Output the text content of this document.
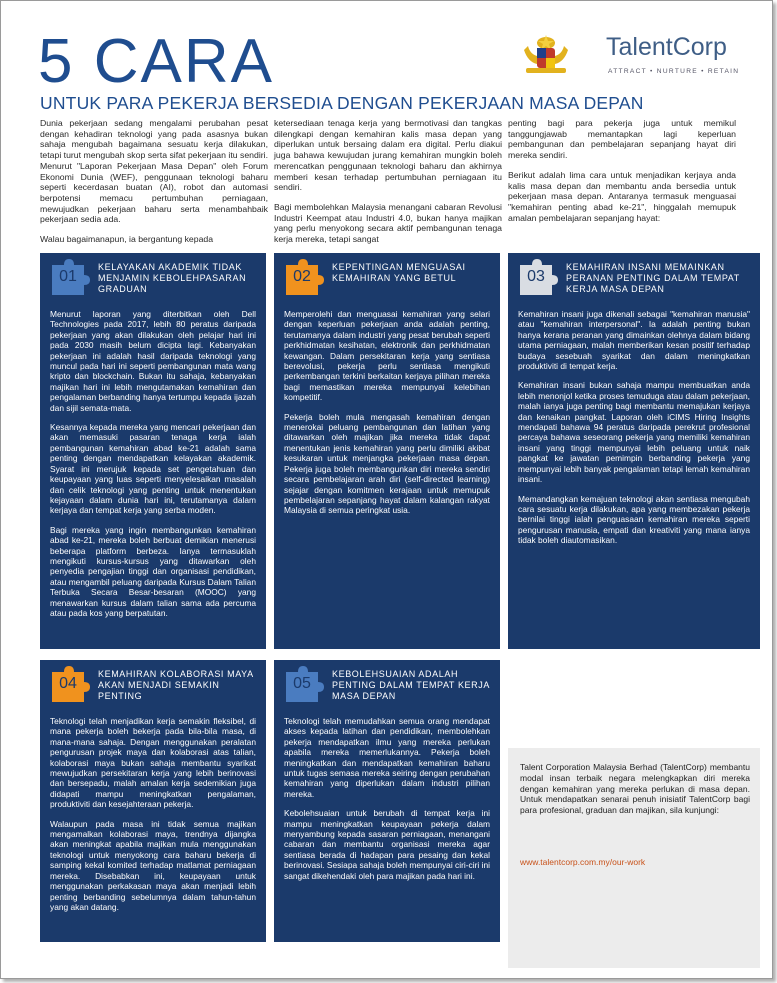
5 CARA
UNTUK PARA PEKERJA BERSEDIA DENGAN PEKERJAAN MASA DEPAN
TalentCorp
ATTRACT • NURTURE • RETAIN

Dunia pekerjaan sedang mengalami perubahan pesat dengan kehadiran teknologi yang pada asasnya bukan sahaja mengubah bagaimana sesuatu kerja dilakukan, tetapi turut mengubah skop serta sifat pekerjaan itu sendiri. Menurut "Laporan Pekerjaan Masa Depan" oleh Forum Ekonomi Dunia (WEF), penggunaan teknologi baharu seperti kecerdasan buatan (AI), robot dan automasi berpotensi memacu pertumbuhan perniagaan, mewujudkan pekerjaan baharu serta menambahbaik pekerjaan sedia ada.

Walau bagaimanapun, ia bergantung kepada

ketersediaan tenaga kerja yang bermotivasi dan tangkas dilengkapi dengan kemahiran kalis masa depan yang diperlukan untuk bersaing dalam era digital. Perlu diakui juga bahawa kewujudan jurang kemahiran mungkin boleh merencatkan penggunaan teknologi baharu dan akhirnya memberi kesan terhadap pertumbuhan perniagaan itu sendiri.

Bagi membolehkan Malaysia menangani cabaran Revolusi Industri Keempat atau Industri 4.0, bukan hanya majikan yang perlu menyokong secara aktif pembangunan tenaga kerja mereka, tetapi sangat

penting bagi para pekerja juga untuk memikul tanggungjawab memantapkan lagi keperluan pembangunan dan pembelajaran sepanjang hayat diri mereka sendiri.

Berikut adalah lima cara untuk menjadikan kerjaya anda kalis masa depan dan membantu anda bersedia untuk pekerjaan masa depan. Antaranya termasuk menguasai "kemahiran penting abad ke-21", hinggalah memupuk amalan pembelajaran sepanjang hayat:

01
KELAYAKAN AKADEMIK TIDAK MENJAMIN KEBOLEHPASARAN GRADUAN

Menurut laporan yang diterbitkan oleh Dell Technologies pada 2017, lebih 80 peratus daripada pekerjaan yang akan dilakukan oleh pelajar hari ini pada 2030 masih belum dicipta lagi. Kebanyakan pekerjaan ini adalah hasil daripada teknologi yang muncul pada hari ini seperti pembangunan mata wang kripto dan blockchain. Bukan itu sahaja, kebanyakan majikan hari ini lebih mengutamakan kemahiran dan pengalaman berbanding hanya tertumpu kepada ijazah dan sijil semata-mata.

Kesannya kepada mereka yang mencari pekerjaan dan akan memasuki pasaran tenaga kerja ialah pembangunan kemahiran abad ke-21 adalah sama penting dengan mendapatkan kelayakan akademik. Syarat ini merujuk kepada set pengetahuan dan keupayaan yang luas seperti menyelesaikan masalah dan celik teknologi yang penting untuk menentukan kejayaan dalam dunia hari ini, terutamanya dalam kerjaya dan tempat kerja yang serba moden.

Bagi mereka yang ingin membangunkan kemahiran abad ke-21, mereka boleh berbuat demikian menerusi beberapa platform berbeza. Ianya termasuklah mengikuti kursus-kursus yang ditawarkan oleh penyedia pengajian tinggi dan organisasi pendidikan, atau mengambil peluang daripada Kursus Dalam Talian Terbuka Secara Besar-besaran (MOOC) yang menawarkan kursus dalam talian sama ada percuma atau pada kos yang berpatutan.

02
KEPENTINGAN MENGUASAI KEMAHIRAN YANG BETUL

Memperolehi dan menguasai kemahiran yang selari dengan keperluan pekerjaan anda adalah penting, terutamanya dalam industri yang pesat berubah seperti perkhidmatan kesihatan, elektronik dan perkhidmatan kewangan. Dalam persekitaran kerja yang sentiasa berevolusi, pekerja perlu sentiasa mengikuti perkembangan terkini berkaitan kerjaya pilihan mereka bagi memastikan mereka mempunyai kelebihan kompetitif.

Pekerja boleh mula mengasah kemahiran dengan menerokai peluang pembangunan dan latihan yang ditawarkan oleh majikan jika mereka tidak dapat menentukan jenis kemahiran yang perlu dimiliki akibat kesukaran untuk menjangka pekerjaan masa depan. Pekerja juga boleh membangunkan diri mereka sendiri secara pembelajaran arah diri (self-directed learning) sejajar dengan komitmen kerajaan untuk memupuk pembelajaran sepanjang hayat dalam kalangan rakyat Malaysia di semua peringkat usia.

03
KEMAHIRAN INSANI MEMAINKAN PERANAN PENTING DALAM TEMPAT KERJA MASA DEPAN

Kemahiran insani juga dikenali sebagai "kemahiran manusia" atau "kemahiran interpersonal". Ia adalah penting bukan hanya kerana peranan yang dimainkan olehnya dalam bidang utama perniagaan, malah memberikan kesan positif terhadap budaya sesebuah syarikat dan dalam meningkatkan produktiviti di tempat kerja.

Kemahiran insani bukan sahaja mampu membuatkan anda lebih menonjol ketika proses temuduga atau dalam pekerjaan, malah ianya juga penting bagi membantu memajukan kerjaya dan kenaikan pangkat. Laporan oleh iCIMS Hiring Insights mendapati bahawa 94 peratus daripada perekrut profesional percaya bahawa seseorang pekerja yang memiliki kemahiran insani yang tinggi mempunyai lebih peluang untuk naik pangkat ke jawatan pemimpin berbanding pekerja yang mempunyai lebih banyak pengalaman tetapi lemah kemahiran insani.

Memandangkan kemajuan teknologi akan sentiasa mengubah cara sesuatu kerja dilakukan, apa yang membezakan pekerja bernilai tinggi ialah penguasaan kemahiran mereka seperti pengurusan manusia, empati dan kreativiti yang mana ianya tidak boleh diautomasikan.

04
KEMAHIRAN KOLABORASI MAYA AKAN MENJADI SEMAKIN PENTING

Teknologi telah menjadikan kerja semakin fleksibel, di mana pekerja boleh bekerja pada bila-bila masa, di mana-mana sahaja. Dengan menggunakan peralatan pengurusan projek maya dan kolaborasi atas talian, kolaborasi maya bukan sahaja membantu syarikat mewujudkan persekitaran kerja yang lebih berinovasi dan bersepadu, malah amalan kerja sedemikian juga didapati mampu meningkatkan pengalaman, produktiviti dan kesejahteraan pekerja.

Walaupun pada masa ini tidak semua majikan mengamalkan kolaborasi maya, trendnya dijangka akan meningkat apabila majikan mula menggunakan teknologi untuk menyokong cara baharu bekerja di samping kekal komited terhadap matlamat perniagaan mereka. Disebabkan ini, keupayaan untuk menggunakan perkakasan maya akan menjadi lebih penting berbanding sebelumnya dalam tahun-tahun yang akan datang.

05
KEBOLEHSUAIAN ADALAH PENTING DALAM TEMPAT KERJA MASA DEPAN

Teknologi telah memudahkan semua orang mendapat akses kepada latihan dan pendidikan, membolehkan pekerja mendapatkan ilmu yang mereka perlukan apabila mereka memerlukannya. Pekerja boleh meningkatkan dan mendapatkan kemahiran baharu untuk tugas semasa mereka seiring dengan perubahan kemahiran yang diperlukan dalam industri pilihan mereka.

Kebolehsuaian untuk berubah di tempat kerja ini mampu meningkatkan keupayaan pekerja dalam menyambung kepada sasaran perniagaan, menangani cabaran dan membantu organisasi mereka agar sentiasa berada di hadapan para pesaing dan kekal berinovasi. Sesiapa sahaja boleh mempunyai ciri-ciri ini sangat dikehendaki oleh para majikan pada hari ini.

Talent Corporation Malaysia Berhad (TalentCorp) membantu modal insan terbaik negara melengkapkan diri mereka dengan kemahiran yang mereka perlukan di masa depan. Untuk mendapatkan senarai penuh inisiatif TalentCorp bagi para profesional, graduan dan majikan, sila kunjungi:
www.talentcorp.com.my/our-work
